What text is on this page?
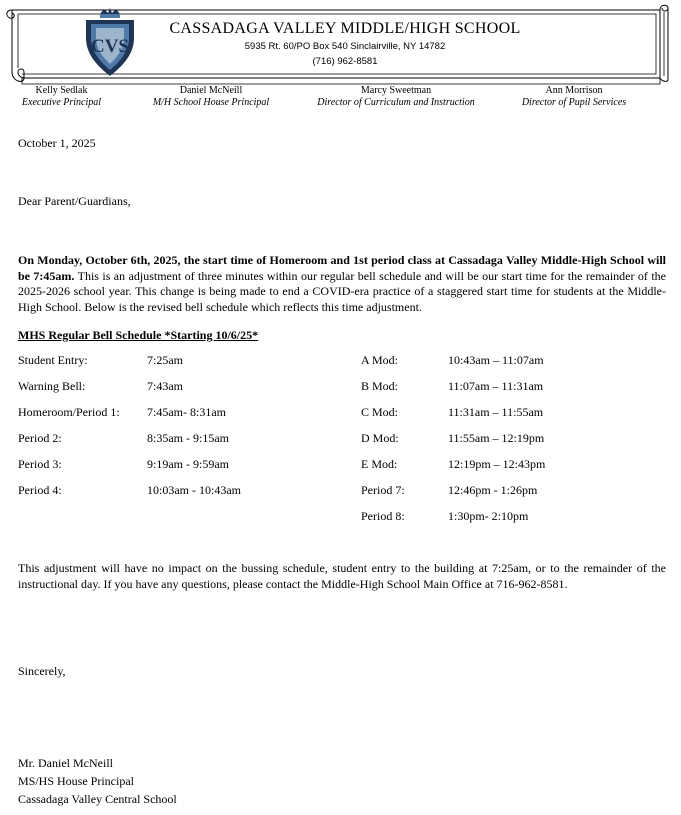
CVS
CASSADAGA VALLEY MIDDLE/HIGH SCHOOL
5935 Rt. 60/PO Box 540 Sinclairville, NY 14782
(716) 962-8581
Kelly Sedlak
Executive Principal
Daniel McNeill
M/H School House Principal
Marcy Sweetman
Director of Curriculum and Instruction
Ann Morrison
Director of Pupil Services
October 1, 2025
Dear Parent/Guardians,
On Monday, October 6th, 2025, the start time of Homeroom and 1st period class at Cassadaga Valley Middle-High School will be 7:45am. This is an adjustment of three minutes within our regular bell schedule and will be our start time for the remainder of the 2025-2026 school year. This change is being made to end a COVID-era practice of a staggered start time for students at the Middle-High School. Below is the revised bell schedule which reflects this time adjustment.
MHS Regular Bell Schedule *Starting 10/6/25*
Student Entry:	7:25am
Warning Bell:	7:43am
Homeroom/Period 1: 7:45am- 8:31am
Period 2:	8:35am - 9:15am
Period 3:	9:19am - 9:59am
Period 4:	10:03am - 10:43am
A Mod:	10:43am – 11:07am
B Mod:	11:07am – 11:31am
C Mod:	11:31am – 11:55am
D Mod:	11:55am – 12:19pm
E Mod:	12:19pm – 12:43pm
Period 7:	12:46pm - 1:26pm
Period 8:	1:30pm- 2:10pm
This adjustment will have no impact on the bussing schedule, student entry to the building at 7:25am, or to the remainder of the instructional day. If you have any questions, please contact the Middle-High School Main Office at 716-962-8581.
Sincerely,
Mr. Daniel McNeill
MS/HS House Principal
Cassadaga Valley Central School
